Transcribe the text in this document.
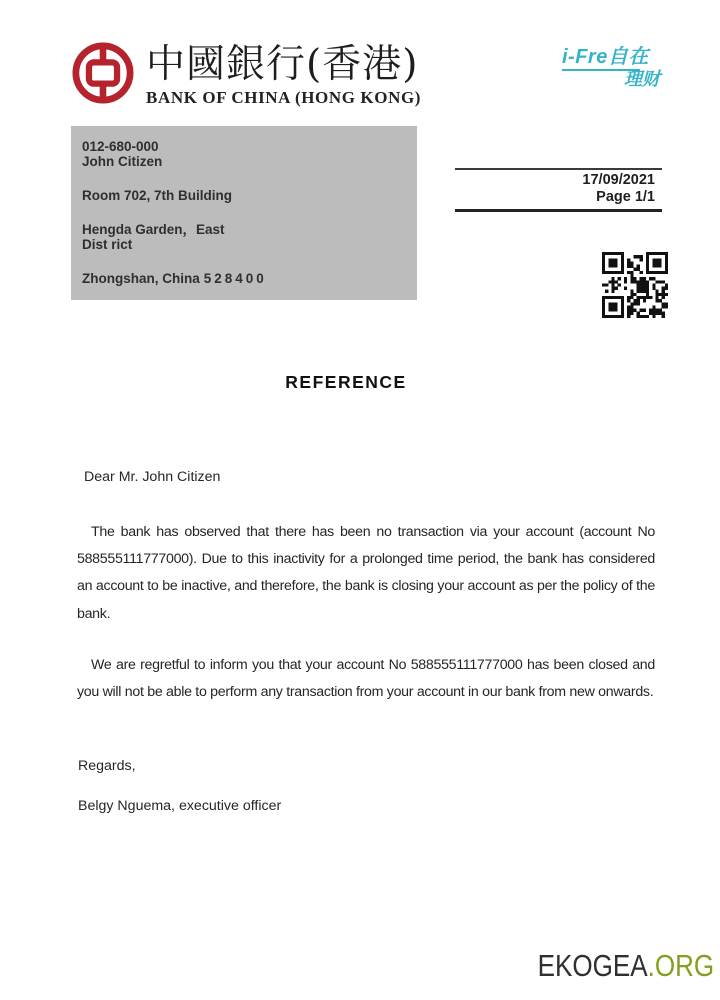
中國銀行(香港)
BANK OF CHINA (HONG KONG)
i-Fre自在
理财
012-680-000
John Citizen
Room 702, 7th Building
Hengda Garden，East
Dist rict
Zhongshan, China 528400
17/09/2021
Page 1/1
REFERENCE
Dear Mr. John Citizen

The bank has observed that there has been no transaction via your account (account No 588555111777000). Due to this inactivity for a prolonged time period, the bank has considered an account to be inactive, and therefore, the bank is closing your account as per the policy of the bank.

We are regretful to inform you that your account No 588555111777000 has been closed and you will not be able to perform any transaction from your account in our bank from new onwards.

Regards,
Belgy Nguema, executive officer
EKOGEA.ORG
